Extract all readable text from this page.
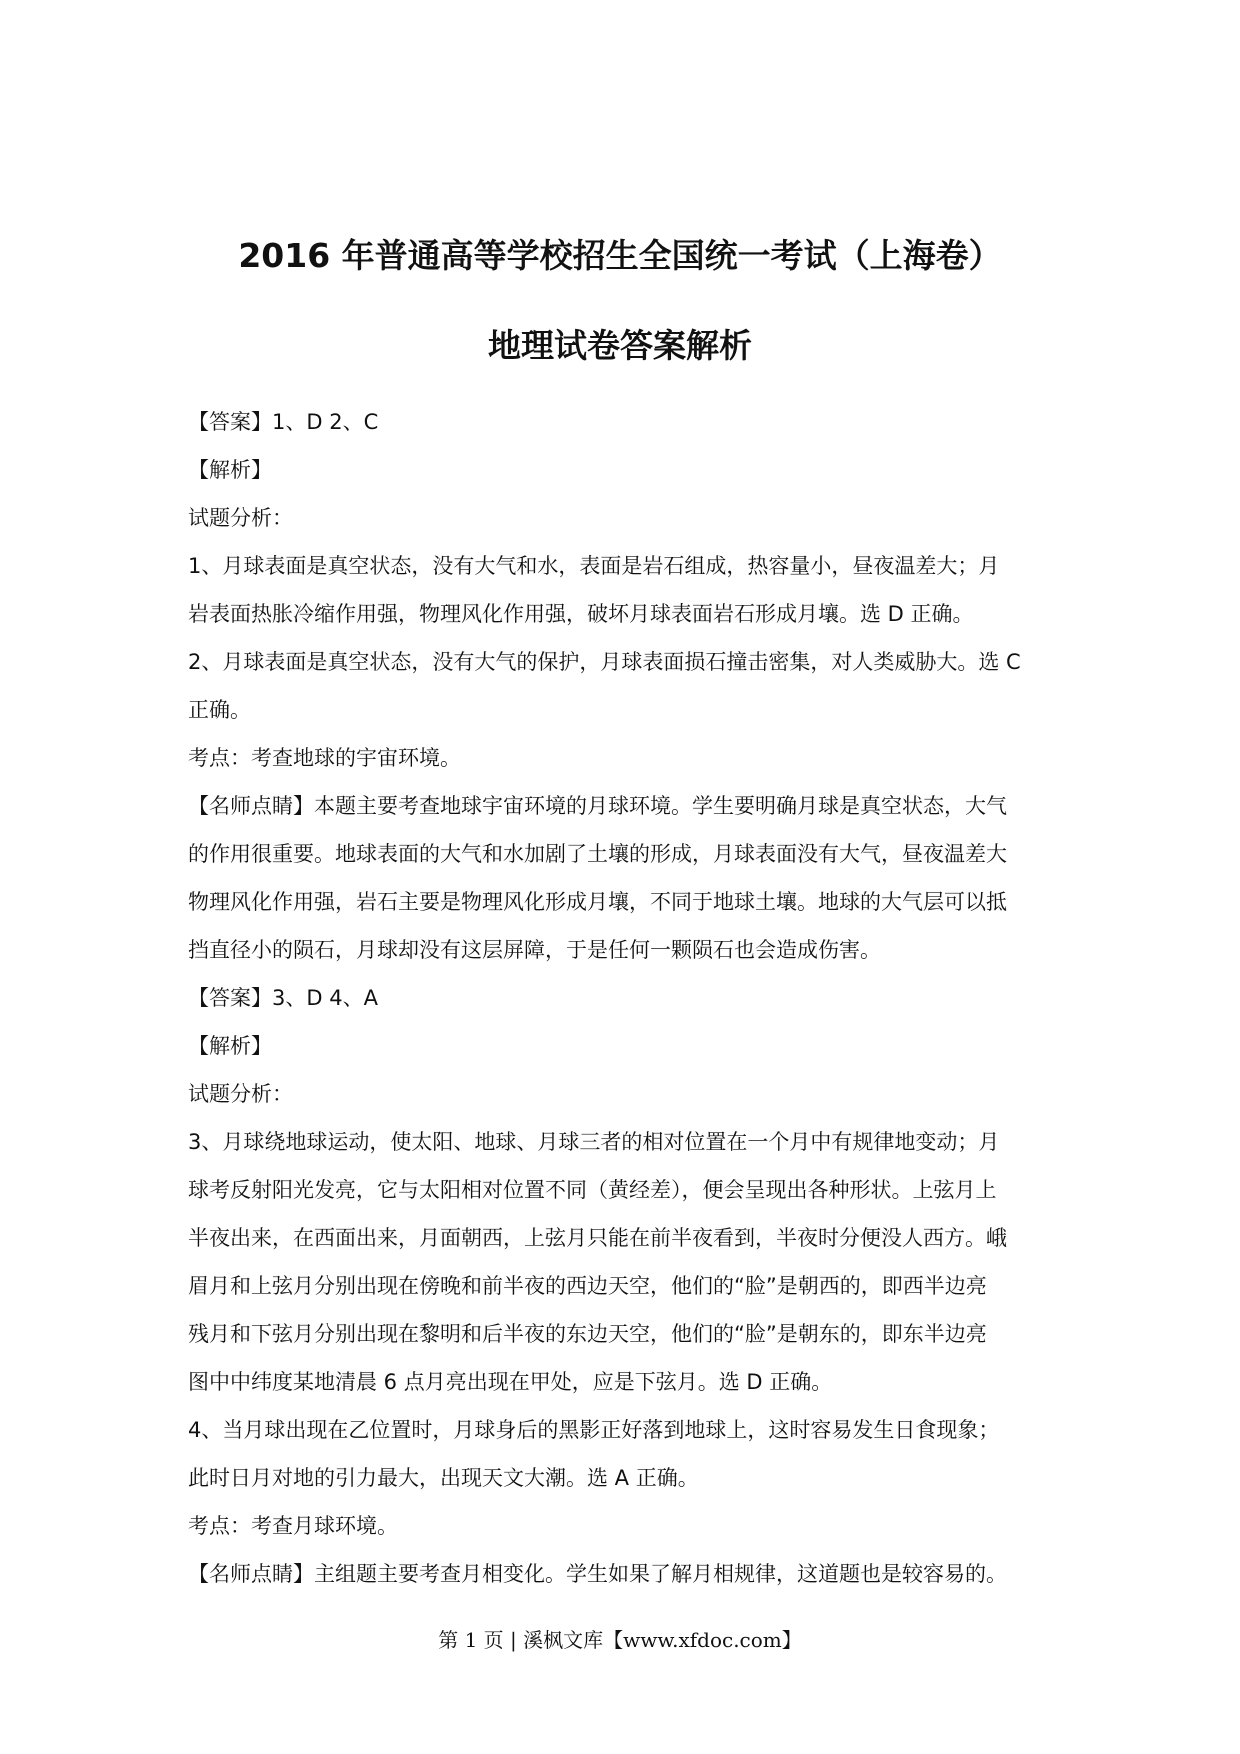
2016 年普通高等学校招生全国统一考试（上海卷）
地理试卷答案解析
【答案】1、D 2、C
【解析】
试题分析：
1、月球表面是真空状态，没有大气和水，表面是岩石组成，热容量小，昼夜温差大；月
岩表面热胀冷缩作用强，物理风化作用强，破坏月球表面岩石形成月壤。选 D 正确。
2、月球表面是真空状态，没有大气的保护，月球表面损石撞击密集，对人类威胁大。选 C
正确。
考点：考查地球的宇宙环境。
【名师点睛】本题主要考查地球宇宙环境的月球环境。学生要明确月球是真空状态，大气
的作用很重要。地球表面的大气和水加剧了土壤的形成，月球表面没有大气，昼夜温差大
物理风化作用强，岩石主要是物理风化形成月壤，不同于地球土壤。地球的大气层可以抵
挡直径小的陨石，月球却没有这层屏障，于是任何一颗陨石也会造成伤害。
【答案】3、D 4、A
【解析】
试题分析：
3、月球绕地球运动，使太阳、地球、月球三者的相对位置在一个月中有规律地变动；月
球考反射阳光发亮，它与太阳相对位置不同（黄经差），便会呈现出各种形状。上弦月上
半夜出来，在西面出来，月面朝西，上弦月只能在前半夜看到，半夜时分便没人西方。峨
眉月和上弦月分别出现在傍晚和前半夜的西边天空，他们的“脸”是朝西的，即西半边亮
残月和下弦月分别出现在黎明和后半夜的东边天空，他们的“脸”是朝东的，即东半边亮
图中中纬度某地清晨 6 点月亮出现在甲处，应是下弦月。选 D 正确。
4、当月球出现在乙位置时，月球身后的黑影正好落到地球上，这时容易发生日食现象；
此时日月对地的引力最大，出现天文大潮。选 A 正确。
考点：考查月球环境。
【名师点睛】主组题主要考查月相变化。学生如果了解月相规律，这道题也是较容易的。
第 1 页 | 溪枫文库【www.xfdoc.com】
